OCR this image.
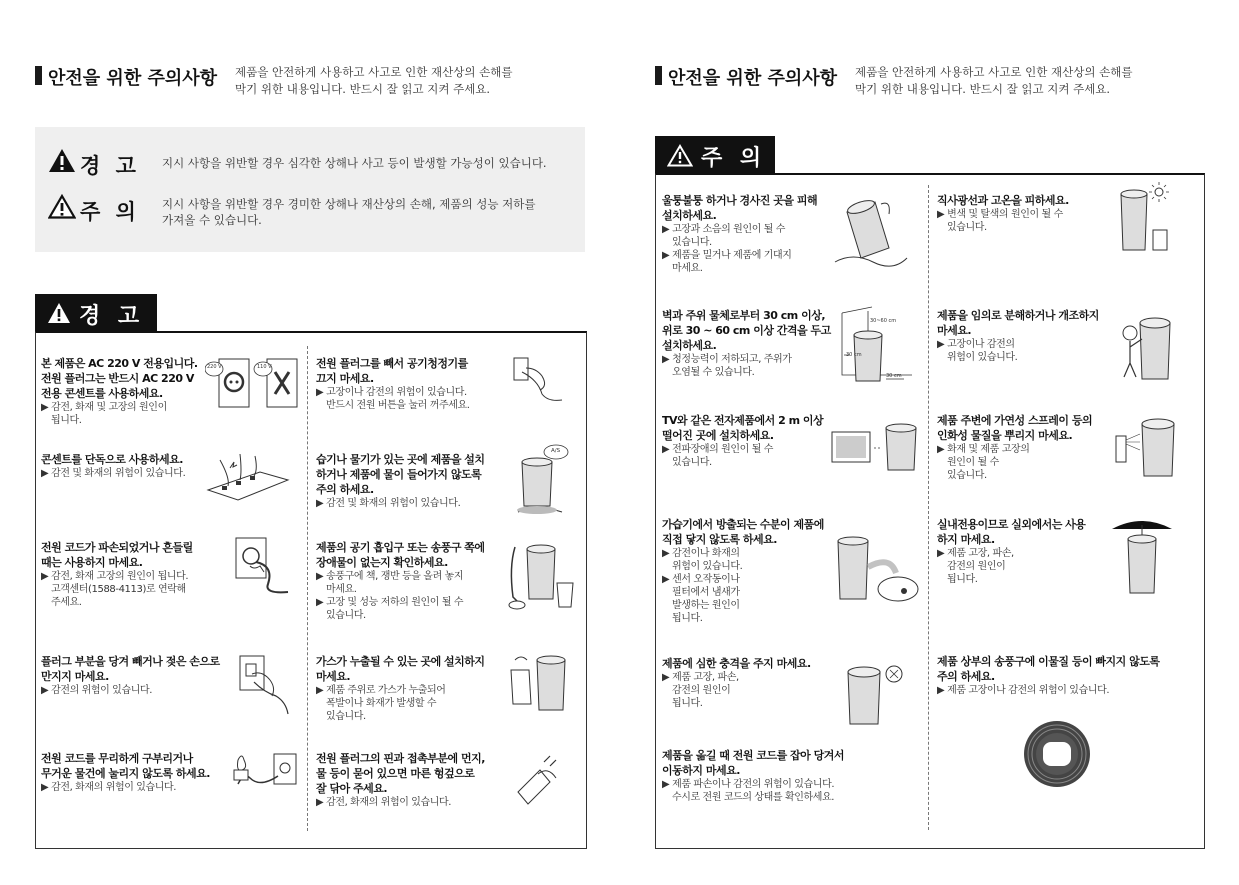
안전을 위한 주의사항 제품을 안전하게 사용하고 사고로 인한 재산상의 손해를
막기 위한 내용입니다. 반드시 잘 읽고 지켜 주세요.
경 고 지시 사항을 위반할 경우 심각한 상해나 사고 등이 발생할 가능성이 있습니다.
주 의 지시 사항을 위반할 경우 경미한 상해나 재산상의 손해, 제품의 성능 저하를
가져올 수 있습니다.
경 고
본 제품은 AC 220 V 전용입니다.
전원 플러그는 반드시 AC 220 V
전용 콘센트를 사용하세요.
▶ 감전, 화재 및 고장의 원인이
됩니다.
콘센트를 단독으로 사용하세요.
▶ 감전 및 화재의 위험이 있습니다.
전원 코드가 파손되었거나 흔들릴
때는 사용하지 마세요.
▶ 감전, 화재 고장의 원인이 됩니다.
고객센터(1588-4113)로 연락해
주세요.
플러그 부분을 당겨 빼거나 젖은 손으로
만지지 마세요.
▶ 감전의 위험이 있습니다.
전원 코드를 무리하게 구부리거나
무거운 물건에 눌리지 않도록 하세요.
▶ 감전, 화재의 위험이 있습니다.
전원 플러그를 빼서 공기청정기를
끄지 마세요.
▶ 고장이나 감전의 위험이 있습니다.
반드시 전원 버튼을 눌러 꺼주세요.
습기나 물기가 있는 곳에 제품을 설치
하거나 제품에 물이 들어가지 않도록
주의 하세요.
▶ 감전 및 화재의 위험이 있습니다.
제품의 공기 흡입구 또는 송풍구 쪽에
장애물이 없는지 확인하세요.
▶ 송풍구에 책, 쟁반 등을 올려 놓지
마세요.
▶ 고장 및 성능 저하의 원인이 될 수
있습니다.
가스가 누출될 수 있는 곳에 설치하지
마세요.
▶ 제품 주위로 가스가 누출되어
폭발이나 화재가 발생할 수
있습니다.
전원 플러그의 핀과 접촉부분에 먼지,
물 등이 묻어 있으면 마른 헝겊으로
잘 닦아 주세요.
▶ 감전, 화재의 위험이 있습니다.
220 V	110 V
A/S
안전을 위한 주의사항 제품을 안전하게 사용하고 사고로 인한 재산상의 손해를
막기 위한 내용입니다. 반드시 잘 읽고 지켜 주세요.
주 의
울퉁불퉁 하거나 경사진 곳을 피해
설치하세요.
▶ 고장과 소음의 원인이 될 수
있습니다.
▶ 제품을 밀거나 제품에 기대지
마세요.
벽과 주위 물체로부터 30 cm 이상,
위로 30 ~ 60 cm 이상 간격을 두고
설치하세요.
▶ 청정능력이 저하되고, 주위가
오염될 수 있습니다.
TV와 같은 전자제품에서 2 m 이상
떨어진 곳에 설치하세요.
▶ 전파장애의 원인이 될 수
있습니다.
가습기에서 방출되는 수분이 제품에
직접 닿지 않도록 하세요.
▶ 감전이나 화재의
위험이 있습니다.
▶ 센서 오작동이나
필터에서 냄새가
발생하는 원인이
됩니다.
제품에 심한 충격을 주지 마세요.
▶ 제품 고장, 파손,
감전의 원인이
됩니다.
제품을 옮길 때 전원 코드를 잡아 당겨서
이동하지 마세요.
▶ 제품 파손이나 감전의 위험이 있습니다.
수시로 전원 코드의 상태를 확인하세요.
직사광선과 고온을 피하세요.
▶ 변색 및 탈색의 원인이 될 수
있습니다.
제품을 임의로 분해하거나 개조하지
마세요.
▶ 고장이나 감전의
위험이 있습니다.
제품 주변에 가연성 스프레이 등의
인화성 물질을 뿌리지 마세요.
▶ 화재 및 제품 고장의
원인이 될 수
있습니다.
실내전용이므로 실외에서는 사용
하지 마세요.
▶ 제품 고장, 파손,
감전의 원인이
됩니다.
제품 상부의 송풍구에 이물질 등이 빠지지 않도록
주의 하세요.
▶ 제품 고장이나 감전의 위험이 있습니다.
30~60 cm
30 cm
30 cm
